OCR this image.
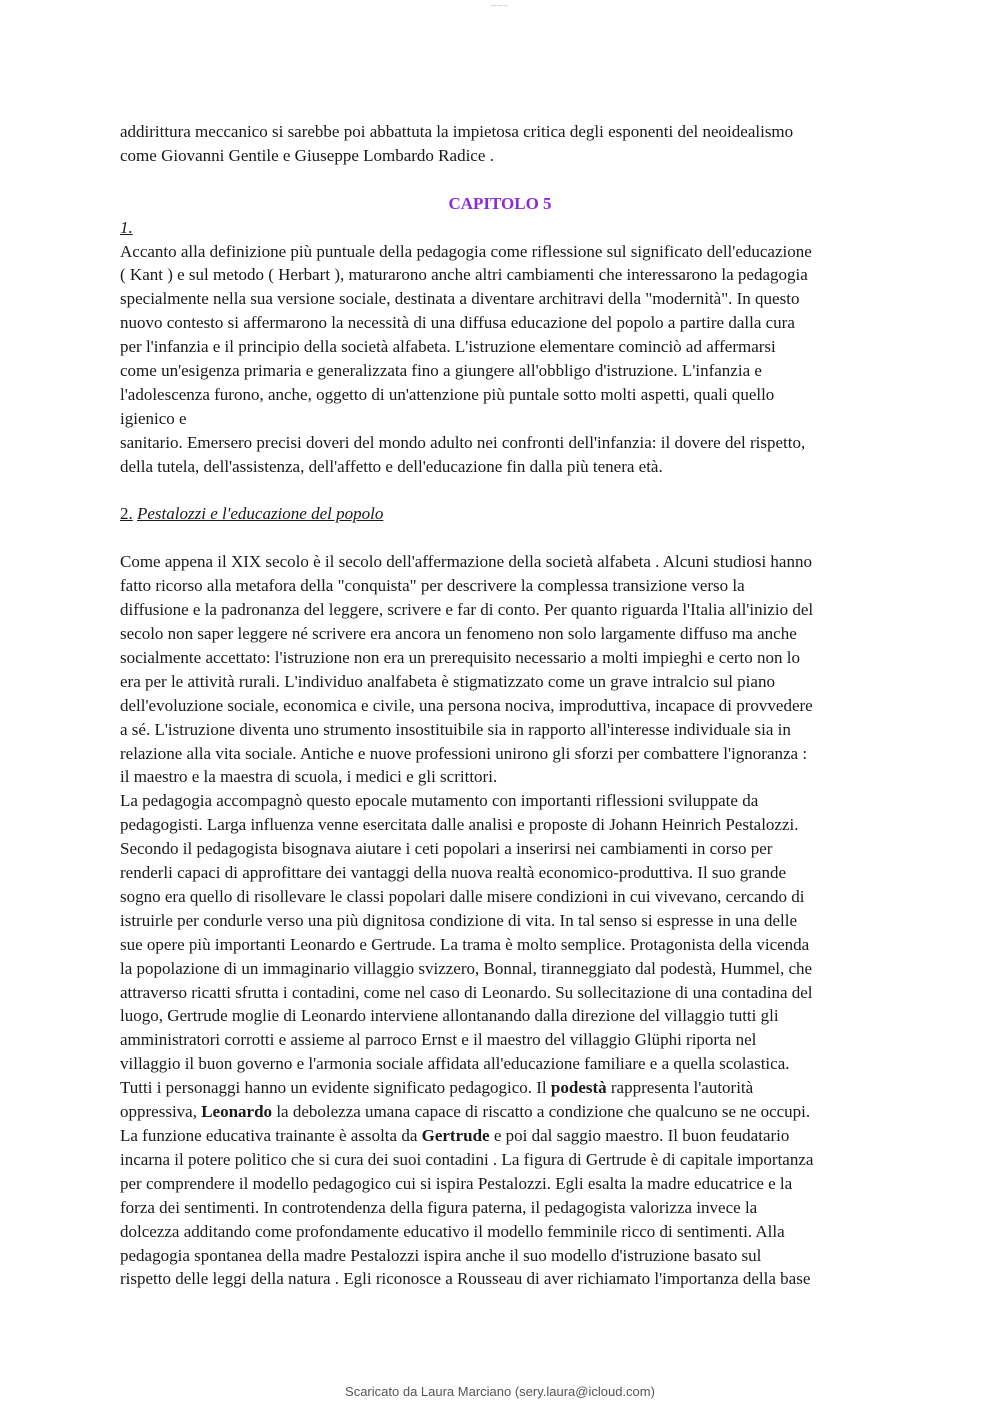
___

addirittura meccanico si sarebbe poi abbattuta la impietosa critica degli esponenti del neoidealismo

come Giovanni Gentile e Giuseppe Lombardo Radice .

CAPITOLO 5

1.

Accanto alla definizione più puntuale della pedagogia come riflessione sul significato dell'educazione

( Kant ) e sul metodo ( Herbart ), maturarono anche altri cambiamenti che interessarono la pedagogia

specialmente nella sua versione sociale, destinata a diventare architravi della "modernità". In questo

nuovo contesto si affermarono la necessità di una diffusa educazione del popolo a partire dalla cura

per l'infanzia e il principio della società alfabeta. L'istruzione elementare cominciò ad affermarsi

come un'esigenza primaria e generalizzata fino a giungere all'obbligo d'istruzione. L'infanzia e

l'adolescenza furono, anche, oggetto di un'attenzione più puntale sotto molti aspetti, quali quello

igienico e

sanitario. Emersero precisi doveri del mondo adulto nei confronti dell'infanzia: il dovere del rispetto,

della tutela, dell'assistenza, dell'affetto e dell'educazione fin dalla più tenera età.

2. Pestalozzi e l'educazione del popolo

Come appena il XIX secolo è il secolo dell'affermazione della società alfabeta . Alcuni studiosi hanno

fatto ricorso alla metafora della "conquista" per descrivere la complessa transizione verso la

diffusione e la padronanza del leggere, scrivere e far di conto. Per quanto riguarda l'Italia all'inizio del

secolo non saper leggere né scrivere era ancora un fenomeno non solo largamente diffuso ma anche

socialmente accettato: l'istruzione non era un prerequisito necessario a molti impieghi e certo non lo

era per le attività rurali. L'individuo analfabeta è stigmatizzato come un grave intralcio sul piano

dell'evoluzione sociale, economica e civile, una persona nociva, improduttiva, incapace di provvedere

a sé. L'istruzione diventa uno strumento insostituibile sia in rapporto all'interesse individuale sia in

relazione alla vita sociale. Antiche e nuove professioni unirono gli sforzi per combattere l'ignoranza :

il maestro e la maestra di scuola, i medici e gli scrittori.

La pedagogia accompagnò questo epocale mutamento con importanti riflessioni sviluppate da

pedagogisti. Larga influenza venne esercitata dalle analisi e proposte di Johann Heinrich Pestalozzi.

Secondo il pedagogista bisognava aiutare i ceti popolari a inserirsi nei cambiamenti in corso per

renderli capaci di approfittare dei vantaggi della nuova realtà economico-produttiva. Il suo grande

sogno era quello di risollevare le classi popolari dalle misere condizioni in cui vivevano, cercando di

istruirle per condurle verso una più dignitosa condizione di vita. In tal senso si espresse in una delle

sue opere più importanti Leonardo e Gertrude. La trama è molto semplice. Protagonista della vicenda

la popolazione di un immaginario villaggio svizzero, Bonnal, tiranneggiato dal podestà, Hummel, che

attraverso ricatti sfrutta i contadini, come nel caso di Leonardo. Su sollecitazione di una contadina del

luogo, Gertrude moglie di Leonardo interviene allontanando dalla direzione del villaggio tutti gli

amministratori corrotti e assieme al parroco Ernst e il maestro del villaggio Glüphi riporta nel

villaggio il buon governo e l'armonia sociale affidata all'educazione familiare e a quella scolastica.

Tutti i personaggi hanno un evidente significato pedagogico. Il podestà rappresenta l'autorità

oppressiva, Leonardo la debolezza umana capace di riscatto a condizione che qualcuno se ne occupi.

La funzione educativa trainante è assolta da Gertrude e poi dal saggio maestro. Il buon feudatario

incarna il potere politico che si cura dei suoi contadini . La figura di Gertrude è di capitale importanza

per comprendere il modello pedagogico cui si ispira Pestalozzi. Egli esalta la madre educatrice e la

forza dei sentimenti. In controtendenza della figura paterna, il pedagogista valorizza invece la

dolcezza additando come profondamente educativo il modello femminile ricco di sentimenti. Alla

pedagogia spontanea della madre Pestalozzi ispira anche il suo modello d'istruzione basato sul

rispetto delle leggi della natura . Egli riconosce a Rousseau di aver richiamato l'importanza della base

Scaricato da Laura Marciano (sery.laura@icloud.com)
